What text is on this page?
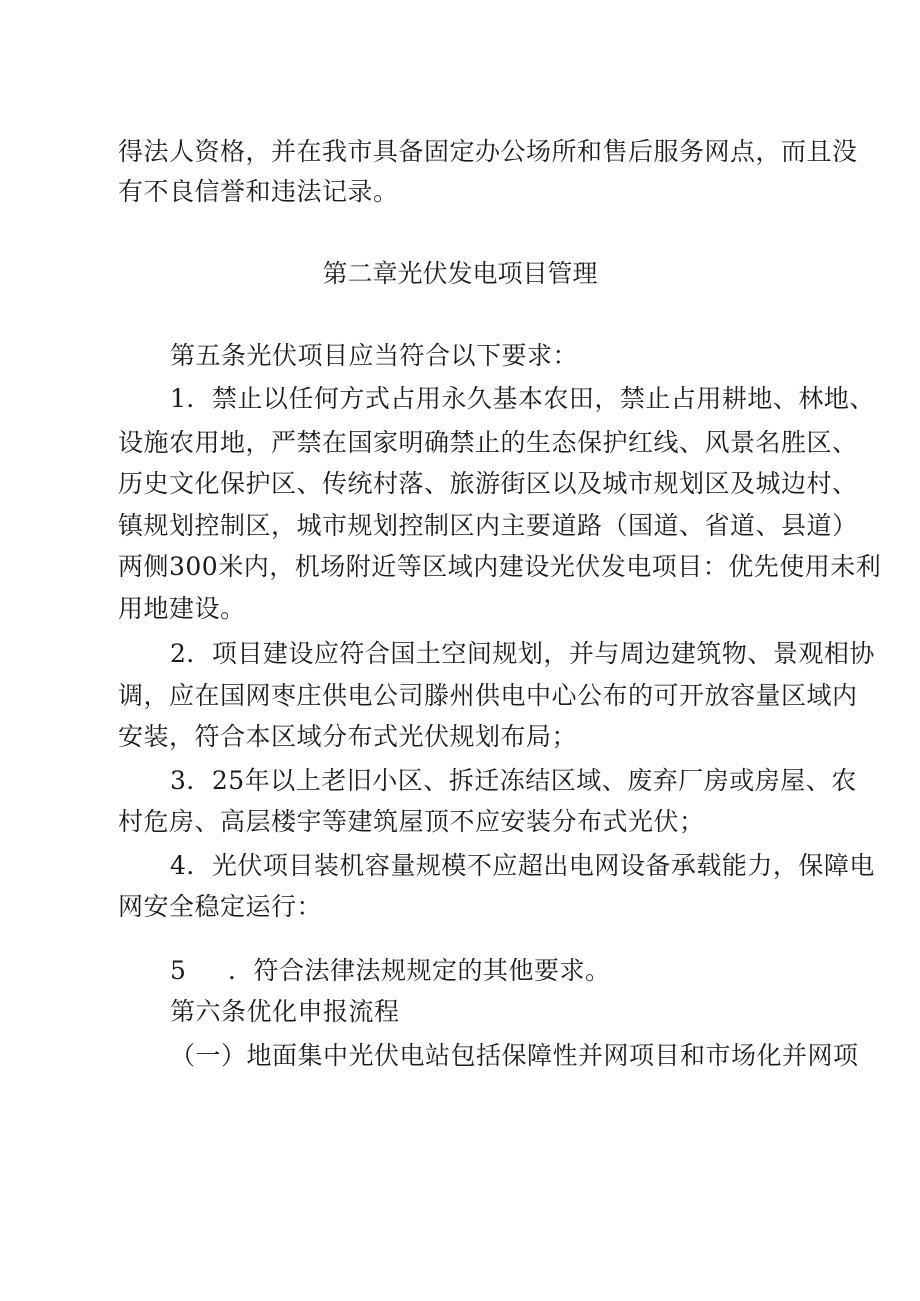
得法人资格，并在我市具备固定办公场所和售后服务网点，而且没
有不良信誉和违法记录。
第二章光伏发电项目管理
第五条光伏项目应当符合以下要求：
1．禁止以任何方式占用永久基本农田，禁止占用耕地、林地、
设施农用地，严禁在国家明确禁止的生态保护红线、风景名胜区、
历史文化保护区、传统村落、旅游街区以及城市规划区及城边村、
镇规划控制区，城市规划控制区内主要道路（国道、省道、县道）
两侧300米内，机场附近等区域内建设光伏发电项目：优先使用未利
用地建设。
2．项目建设应符合国土空间规划，并与周边建筑物、景观相协
调，应在国网枣庄供电公司滕州供电中心公布的可开放容量区域内
安装，符合本区域分布式光伏规划布局；
3．25年以上老旧小区、拆迁冻结区域、废弃厂房或房屋、农
村危房、高层楼宇等建筑屋顶不应安装分布式光伏；
4．光伏项目装机容量规模不应超出电网设备承载能力，保障电
网安全稳定运行：
5 ．符合法律法规规定的其他要求。
第六条优化申报流程
（一）地面集中光伏电站包括保障性并网项目和市场化并网项
